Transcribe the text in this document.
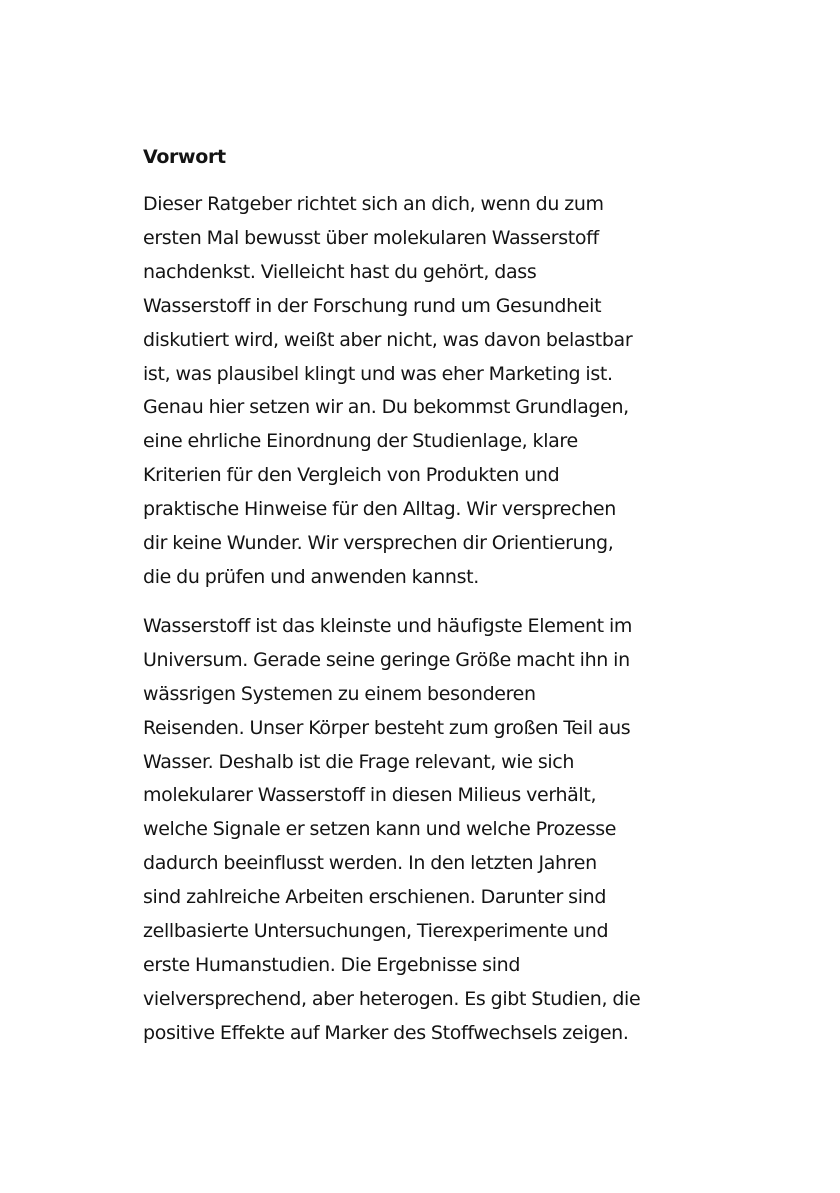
Vorwort
Dieser Ratgeber richtet sich an dich, wenn du zum
ersten Mal bewusst über molekularen Wasserstoff
nachdenkst. Vielleicht hast du gehört, dass
Wasserstoff in der Forschung rund um Gesundheit
diskutiert wird, weißt aber nicht, was davon belastbar
ist, was plausibel klingt und was eher Marketing ist.
Genau hier setzen wir an. Du bekommst Grundlagen,
eine ehrliche Einordnung der Studienlage, klare
Kriterien für den Vergleich von Produkten und
praktische Hinweise für den Alltag. Wir versprechen
dir keine Wunder. Wir versprechen dir Orientierung,
die du prüfen und anwenden kannst.
Wasserstoff ist das kleinste und häufigste Element im
Universum. Gerade seine geringe Größe macht ihn in
wässrigen Systemen zu einem besonderen
Reisenden. Unser Körper besteht zum großen Teil aus
Wasser. Deshalb ist die Frage relevant, wie sich
molekularer Wasserstoff in diesen Milieus verhält,
welche Signale er setzen kann und welche Prozesse
dadurch beeinflusst werden. In den letzten Jahren
sind zahlreiche Arbeiten erschienen. Darunter sind
zellbasierte Untersuchungen, Tierexperimente und
erste Humanstudien. Die Ergebnisse sind
vielversprechend, aber heterogen. Es gibt Studien, die
positive Effekte auf Marker des Stoffwechsels zeigen.
